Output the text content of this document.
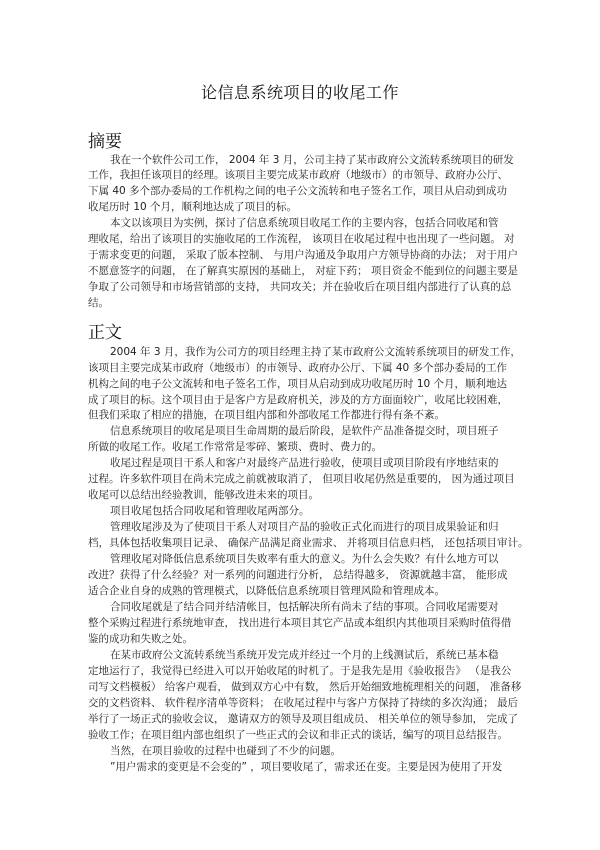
论信息系统项目的收尾工作
摘要
我在一个软件公司工作， 2004 年 3 月，公司主持了某市政府公文流转系统项目的研发
工作，我担任该项目的经理。该项目主要完成某市政府（地级市）的市领导、政府办公厅、
下属 40 多个部办委局的工作机构之间的电子公文流转和电子签名工作，项目从启动到成功
收尾历时 10 个月，顺利地达成了项目的标。
本文以该项目为实例，探讨了信息系统项目收尾工作的主要内容，包括合同收尾和管
理收尾，给出了该项目的实施收尾的工作流程， 该项目在收尾过程中也出现了一些问题。 对
于需求变更的问题， 采取了版本控制、 与用户沟通及争取用户方领导协商的办法； 对于用户
不愿意签字的问题， 在了解真实原因的基础上， 对症下药； 项目资金不能到位的问题主要是
争取了公司领导和市场营销部的支持， 共同攻关；并在验收后在项目组内部进行了认真的总
结。
正文
2004 年 3 月，我作为公司方的项目经理主持了某市政府公文流转系统项目的研发工作，
该项目主要完成某市政府（地级市）的市领导、政府办公厅、下属 40 多个部办委局的工作
机构之间的电子公文流转和电子签名工作，项目从启动到成功收尾历时 10 个月，顺利地达
成了项目的标。这个项目由于是客户方是政府机关，涉及的方方面面较广，收尾比较困难，
但我们采取了相应的措施，在项目组内部和外部收尾工作都进行得有条不紊。
信息系统项目的收尾是项目生命周期的最后阶段，是软件产品准备提交时，项目班子
所做的收尾工作。收尾工作常常是零碎、繁琐、费时、费力的。
收尾过程是项目干系人和客户对最终产品进行验收，使项目或项目阶段有序地结束的
过程。许多软件项目在尚未完成之前就被取消了， 但项目收尾仍然是重要的， 因为通过项目
收尾可以总结出经验教训，能够改进未来的项目。
项目收尾包括合同收尾和管理收尾两部分。
管理收尾涉及为了使项目干系人对项目产品的验收正式化而进行的项目成果验证和归
档，具体包括收集项目记录、 确保产品满足商业需求、 并将项目信息归档， 还包括项目审计。
管理收尾对降低信息系统项目失败率有重大的意义。为什么会失败？有什么地方可以
改进？获得了什么经验？对一系列的问题进行分析， 总结得越多， 资源就越丰富， 能形成
适合企业自身的成熟的管理模式，以降低信息系统项目管理风险和管理成本。
合同收尾就是了结合同并结清帐目，包括解决所有尚未了结的事项。合同收尾需要对
整个采购过程进行系统地审查， 找出进行本项目其它产品或本组织内其他项目采购时值得借
鉴的成功和失败之处。
在某市政府公文流转系统当系统开发完成并经过一个月的上线测试后，系统已基本稳
定地运行了，我觉得已经进入可以开始收尾的时机了。于是我先是用《验收报告》 （是我公
司写文档模板） 给客户观看， 做到双方心中有数， 然后开始细致地梳理相关的问题， 准备移
交的文档资料、 软件程序清单等资料； 在收尾过程中与客户方保持了持续的多次沟通； 最后
举行了一场正式的验收会议， 邀请双方的领导及项目组成员、 相关单位的领导参加， 完成了
验收工作；在项目组内部也组织了一些正式的会议和非正式的谈话，编写的项目总结报告。
当然，在项目验收的过程中也碰到了不少的问题。
”用户需求的变更是不会变的” ，项目要收尾了，需求还在变。主要是因为使用了开发
